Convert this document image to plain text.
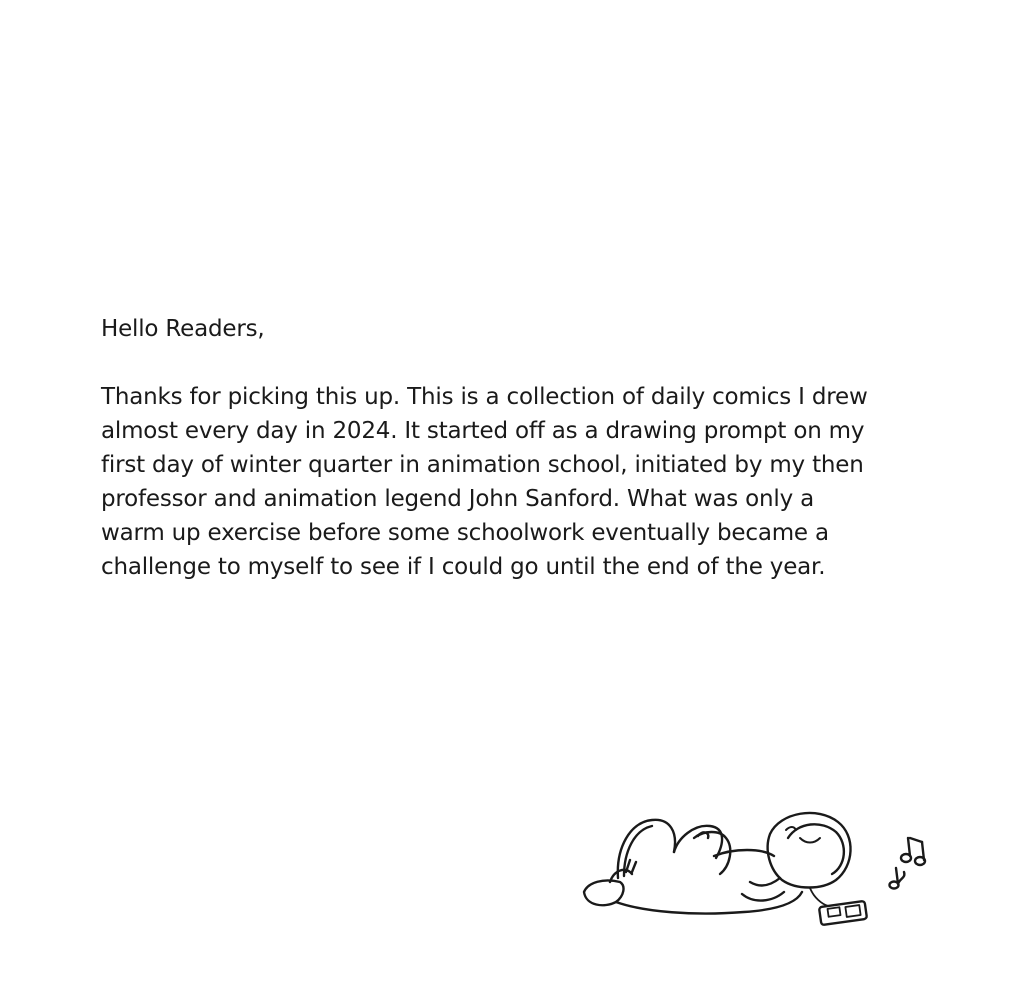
Hello Readers,

Thanks for picking this up. This is a collection of daily comics I drew
almost every day in 2024. It started off as a drawing prompt on my
first day of winter quarter in animation school, initiated by my then
professor and animation legend John Sanford. What was only a
warm up exercise before some schoolwork eventually became a
challenge to myself to see if I could go until the end of the year.
